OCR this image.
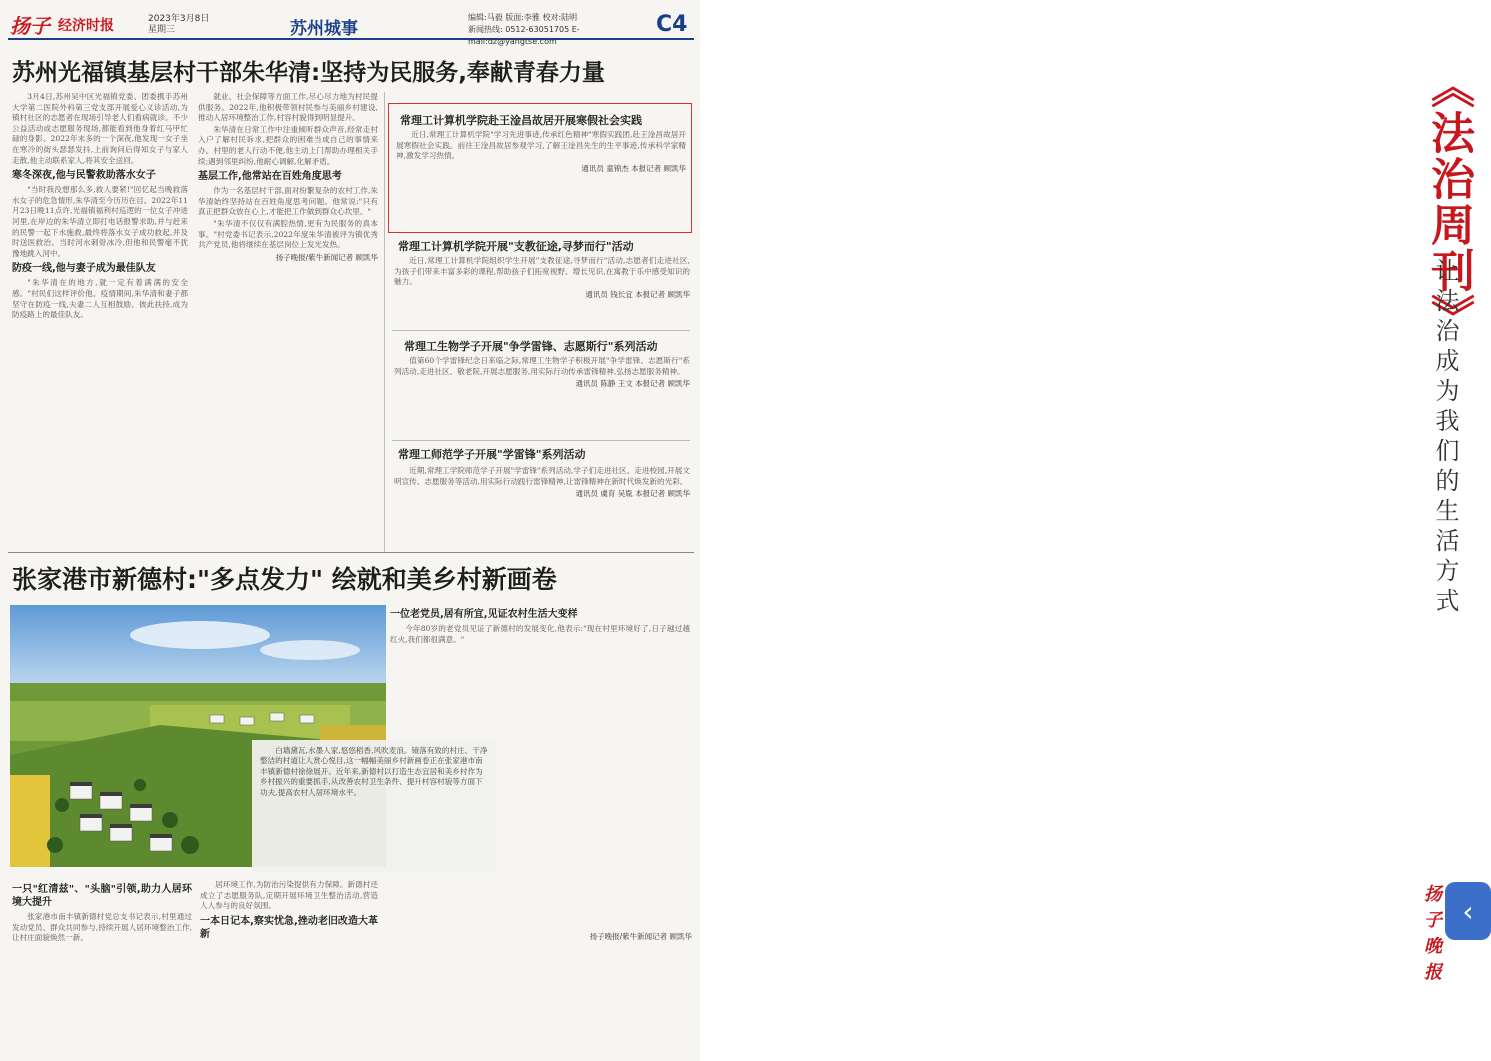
扬子 经济时报	2023年3月8日
星期三	苏州城事
编辑:马毅 版面:李雅 校对:陆明
新闻热线: 0512-63051705 E-mail:dz@yangtse.com
C4
苏州光福镇基层村干部朱华清:坚持为民服务,奉献青春力量

3月4日,苏州吴中区光福镇党委、团委携手苏州大学第二医院外科第三党支部开展爱心义诊活动,为镇村社区的志愿者在现场引导老人们看病就诊。不少公益活动或志愿服务现场,都能看到他身着红马甲忙碌的身影。2022年末多的一个深夜,他发现一女子坐在寒冷的街头瑟瑟发抖,上前询问后得知女子与家人走散,他主动联系家人,将其安全送回。

寒冬深夜,他与民警救助落水女子

"当时我没想那么多,救人要紧!"回忆起当晚救落水女子的危急情形,朱华清至今历历在目。2022年11月23日晚11点许,光福镇福利村巡逻的一位女子冲进河里,在岸边的朱华清立即打电话报警求助,并与赶来的民警一起下水施救,最终将落水女子成功救起,并及时送医救治。当时河水刺骨冰冷,但他和民警毫不犹豫地跳入河中。

防疫一线,他与妻子成为最佳队友

"朱华清在的地方,就一定有着满满的安全感。"村民们这样评价他。疫情期间,朱华清和妻子都坚守在防疫一线,夫妻二人互相鼓励、彼此扶持,成为防疫路上的最佳队友。

就业、社会保障等方面工作,尽心尽力地为村民提供服务。2022年,他积极带领村民参与美丽乡村建设,推动人居环境整治工作,村容村貌得到明显提升。

朱华清在日常工作中注重倾听群众声音,经常走村入户了解村民诉求,把群众的困难当成自己的事情来办。村里的老人行动不便,他主动上门帮助办理相关手续;遇到邻里纠纷,他耐心调解,化解矛盾。

基层工作,他常站在百姓角度思考

作为一名基层村干部,面对纷繁复杂的农村工作,朱华清始终坚持站在百姓角度思考问题。他常说:"只有真正把群众放在心上,才能把工作做到群众心坎里。"

"朱华清不仅仅有满腔热情,更有为民服务的真本事。"村党委书记表示,2022年度朱华清被评为镇优秀共产党员,他将继续在基层岗位上发光发热。

扬子晚报/紫牛新闻记者 顾凯华
常理工计算机学院赴王淦昌故居开展寒假社会实践

近日,常理工计算机学院"学习先进事迹,传承红色精神"寒假实践团,赴王淦昌故居开展寒假社会实践。前往王淦昌故居参观学习,了解王淦昌先生的生平事迹,传承科学家精神,激发学习热情。

通讯员 童锦杰 本报记者 顾凯华
常理工计算机学院开展"支教征途,寻梦而行"活动

近日,常理工计算机学院组织学生开展"支教征途,寻梦而行"活动,志愿者们走进社区,为孩子们带来丰富多彩的课程,帮助孩子们拓宽视野、增长见识,在寓教于乐中感受知识的魅力。

通讯员 钱长宜 本报记者 顾凯华
常理工生物学子开展"争学雷锋、志愿斯行"系列活动

值第60个学雷锋纪念日来临之际,常理工生物学子积极开展"争学雷锋、志愿斯行"系列活动,走进社区、敬老院,开展志愿服务,用实际行动传承雷锋精神,弘扬志愿服务精神。

通讯员 陈静 王文 本报记者 顾凯华
常理工师范学子开展"学雷锋"系列活动

近期,常理工学院师范学子开展"学雷锋"系列活动,学子们走进社区、走进校园,开展文明宣传、志愿服务等活动,用实际行动践行雷锋精神,让雷锋精神在新时代焕发新的光彩。

通讯员 虞育 吴胤 本报记者 顾凯华
张家港市新德村:"多点发力" 绘就和美乡村新画卷

白墙黛瓦,水墨人家,悠悠稻香,风吹麦浪。镜落有致的村庄、干净整洁的村道让人赏心悦目,这一幅幅美丽乡村新画卷正在张家港市南丰镇新德村徐徐展开。近年来,新德村以打造生态宜居和美乡村作为乡村振兴的重要抓手,从改善农村卫生条件、提升村容村貌等方面下功夫,提高农村人居环境水平。

一位老党员,居有所宜,见证农村生活大变样

今年80岁的老党员见证了新德村的发展变化,他表示:"现在村里环境好了,日子越过越红火,我们都很满意。"

一只"红清兹"、"头脑"引领,助力人居环境大提升

张家港市南丰镇新德村党总支书记表示,村里通过发动党员、群众共同参与,持续开展人居环境整治工作,让村庄面貌焕然一新。

居环境工作,为防治污染提供有力保障。新德村还成立了志愿服务队,定期开展环境卫生整治活动,营造人人参与的良好氛围。

一本日记本,察实忧急,挫动老旧改造大革新	扬子晚报/紫牛新闻记者 顾凯华
《法治周刊》
让法治成为我们的生活方式
扬子晚报
‹
